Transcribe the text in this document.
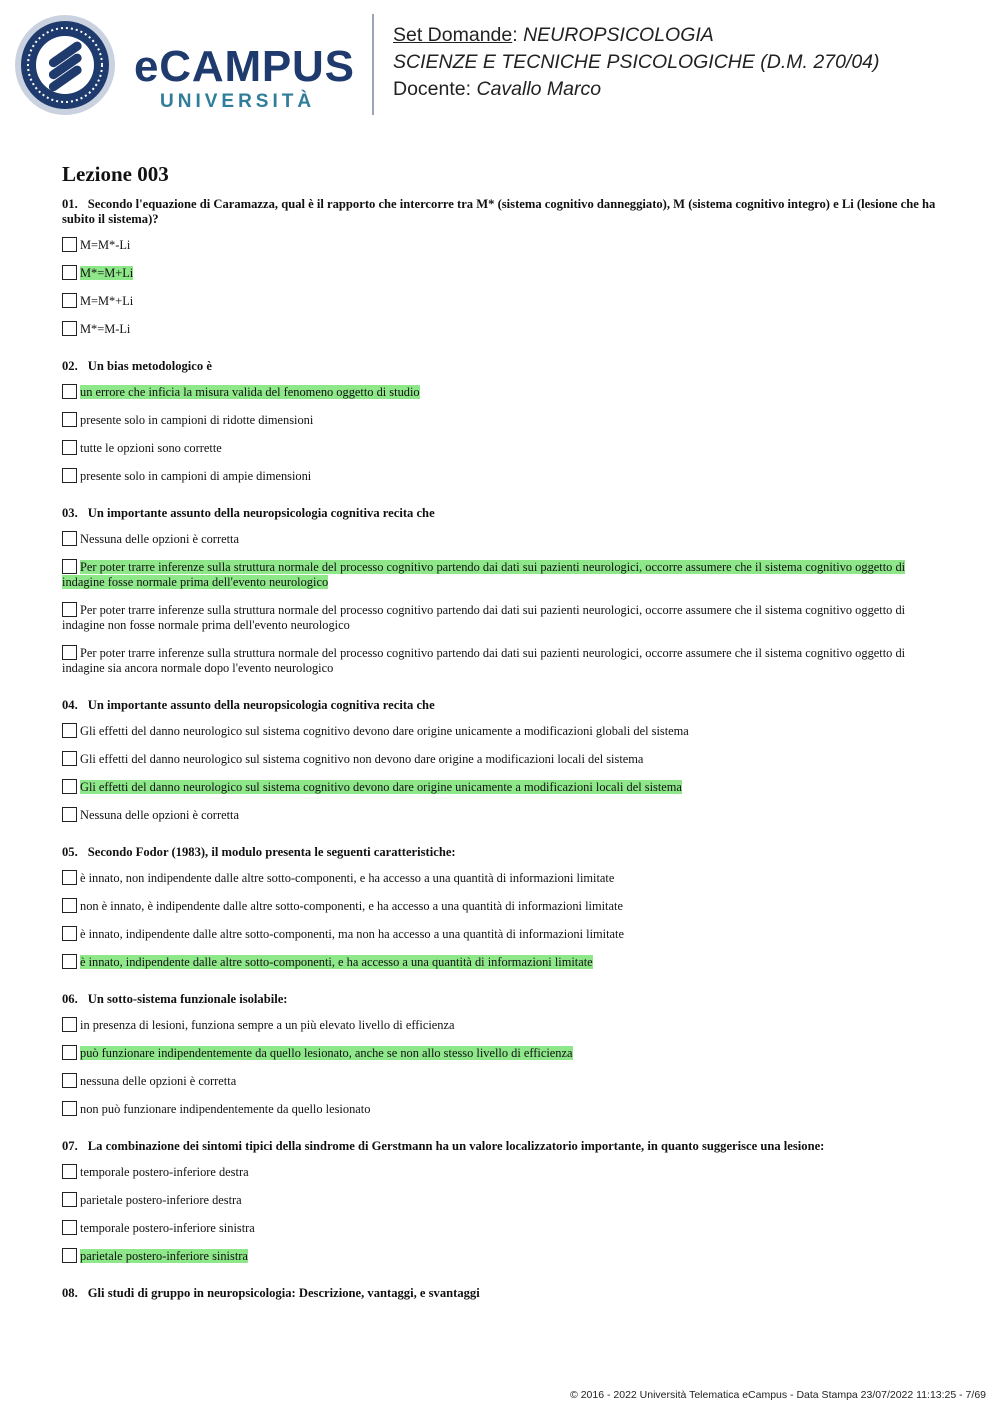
eCAMPUS
UNIVERSITÀ
Set Domande: NEUROPSICOLOGIA
SCIENZE E TECNICHE PSICOLOGICHE (D.M. 270/04)
Docente: Cavallo Marco
Lezione 003
01. Secondo l'equazione di Caramazza, qual è il rapporto che intercorre tra M* (sistema cognitivo danneggiato), M (sistema cognitivo integro) e Li (lesione che ha subito il sistema)?
M=M*-Li
M*=M+Li
M=M*+Li
M*=M-Li
02. Un bias metodologico è
un errore che inficia la misura valida del fenomeno oggetto di studio
presente solo in campioni di ridotte dimensioni
tutte le opzioni sono corrette
presente solo in campioni di ampie dimensioni
03. Un importante assunto della neuropsicologia cognitiva recita che
Nessuna delle opzioni è corretta
Per poter trarre inferenze sulla struttura normale del processo cognitivo partendo dai dati sui pazienti neurologici, occorre assumere che il sistema cognitivo oggetto di indagine fosse normale prima dell'evento neurologico
Per poter trarre inferenze sulla struttura normale del processo cognitivo partendo dai dati sui pazienti neurologici, occorre assumere che il sistema cognitivo oggetto di indagine non fosse normale prima dell'evento neurologico
Per poter trarre inferenze sulla struttura normale del processo cognitivo partendo dai dati sui pazienti neurologici, occorre assumere che il sistema cognitivo oggetto di indagine sia ancora normale dopo l'evento neurologico
04. Un importante assunto della neuropsicologia cognitiva recita che
Gli effetti del danno neurologico sul sistema cognitivo devono dare origine unicamente a modificazioni globali del sistema
Gli effetti del danno neurologico sul sistema cognitivo non devono dare origine a modificazioni locali del sistema
Gli effetti del danno neurologico sul sistema cognitivo devono dare origine unicamente a modificazioni locali del sistema
Nessuna delle opzioni è corretta
05. Secondo Fodor (1983), il modulo presenta le seguenti caratteristiche:
è innato, non indipendente dalle altre sotto-componenti, e ha accesso a una quantità di informazioni limitate
non è innato, è indipendente dalle altre sotto-componenti, e ha accesso a una quantità di informazioni limitate
è innato, indipendente dalle altre sotto-componenti, ma non ha accesso a una quantità di informazioni limitate
è innato, indipendente dalle altre sotto-componenti, e ha accesso a una quantità di informazioni limitate
06. Un sotto-sistema funzionale isolabile:
in presenza di lesioni, funziona sempre a un più elevato livello di efficienza
può funzionare indipendentemente da quello lesionato, anche se non allo stesso livello di efficienza
nessuna delle opzioni è corretta
non può funzionare indipendentemente da quello lesionato
07. La combinazione dei sintomi tipici della sindrome di Gerstmann ha un valore localizzatorio importante, in quanto suggerisce una lesione:
temporale postero-inferiore destra
parietale postero-inferiore destra
temporale postero-inferiore sinistra
parietale postero-inferiore sinistra
08. Gli studi di gruppo in neuropsicologia: Descrizione, vantaggi, e svantaggi
© 2016 - 2022 Università Telematica eCampus - Data Stampa 23/07/2022 11:13:25 - 7/69
